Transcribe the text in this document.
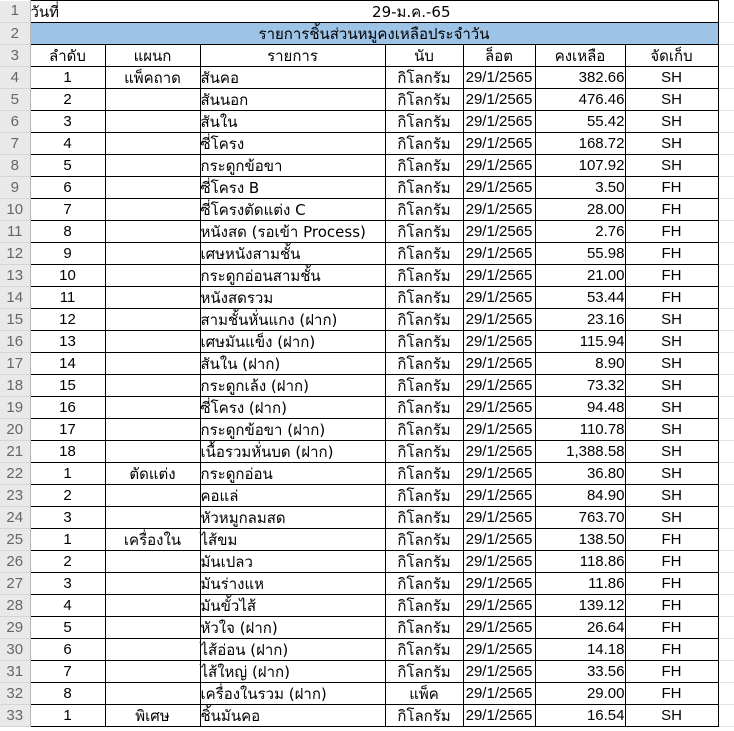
1	วันที่	29-ม.ค.-65						
2	รายการชิ้นส่วนหมูคงเหลือประจำวัน							
3	ลำดับ	แผนก	รายการ	นับ	ล็อต	คงเหลือ	จัดเก็บ	
4	1	แพ็คถาด	สันคอ	กิโลกรัม	29/1/2565	382.66	SH	
5	2		สันนอก	กิโลกรัม	29/1/2565	476.46	SH	
6	3		สันใน	กิโลกรัม	29/1/2565	55.42	SH	
7	4		ซี่โครง	กิโลกรัม	29/1/2565	168.72	SH	
8	5		กระดูกข้อขา	กิโลกรัม	29/1/2565	107.92	SH	
9	6		ซี่โครง B	กิโลกรัม	29/1/2565	3.50	FH	
10	7		ซี่โครงตัดแต่ง C	กิโลกรัม	29/1/2565	28.00	FH	
11	8		หนังสด (รอเข้า Process)	กิโลกรัม	29/1/2565	2.76	FH	
12	9		เศษหนังสามชั้น	กิโลกรัม	29/1/2565	55.98	FH	
13	10		กระดูกอ่อนสามชั้น	กิโลกรัม	29/1/2565	21.00	FH	
14	11		หนังสดรวม	กิโลกรัม	29/1/2565	53.44	FH	
15	12		สามชั้นหั่นแกง (ฝาก)	กิโลกรัม	29/1/2565	23.16	SH	
16	13		เศษมันแข็ง (ฝาก)	กิโลกรัม	29/1/2565	115.94	SH	
17	14		สันใน (ฝาก)	กิโลกรัม	29/1/2565	8.90	SH	
18	15		กระดูกเล้ง (ฝาก)	กิโลกรัม	29/1/2565	73.32	SH	
19	16		ซี่โครง (ฝาก)	กิโลกรัม	29/1/2565	94.48	SH	
20	17		กระดูกข้อขา (ฝาก)	กิโลกรัม	29/1/2565	110.78	SH	
21	18		เนื้อรวมหั่นบด (ฝาก)	กิโลกรัม	29/1/2565	1,388.58	SH	
22	1	ตัดแต่ง	กระดูกอ่อน	กิโลกรัม	29/1/2565	36.80	SH	
23	2		คอแล่	กิโลกรัม	29/1/2565	84.90	SH	
24	3		หัวหมูกลมสด	กิโลกรัม	29/1/2565	763.70	SH	
25	1	เครื่องใน	ไส้ขม	กิโลกรัม	29/1/2565	138.50	FH	
26	2		มันเปลว	กิโลกรัม	29/1/2565	118.86	FH	
27	3		มันร่างแห	กิโลกรัม	29/1/2565	11.86	FH	
28	4		มันขั้วไส้	กิโลกรัม	29/1/2565	139.12	FH	
29	5		หัวใจ (ฝาก)	กิโลกรัม	29/1/2565	26.64	FH	
30	6		ไส้อ่อน (ฝาก)	กิโลกรัม	29/1/2565	14.18	FH	
31	7		ไส้ใหญ่ (ฝาก)	กิโลกรัม	29/1/2565	33.56	FH	
32	8		เครื่องในรวม (ฝาก)	แพ็ค	29/1/2565	29.00	FH	
33	1	พิเศษ	ชิ้นมันคอ	กิโลกรัม	29/1/2565	16.54	SH	
